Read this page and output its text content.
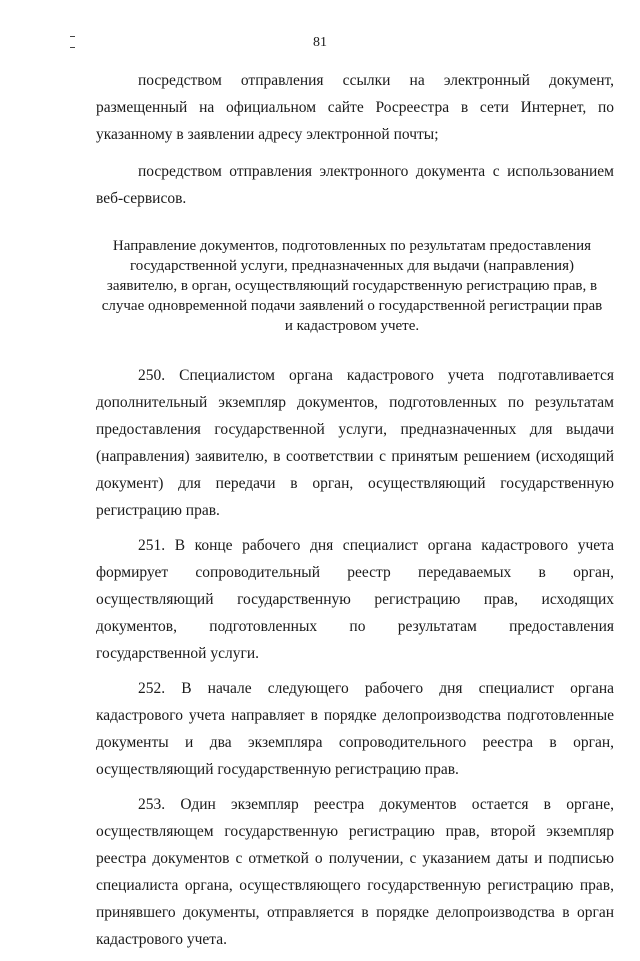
81

посредством отправления ссылки на электронный документ, размещенный на официальном сайте Росреестра в сети Интернет, по указанному в заявлении адресу электронной почты;

посредством отправления электронного документа с использованием веб-сервисов.

Направление документов, подготовленных по результатам предоставления государственной услуги, предназначенных для выдачи (направления) заявителю, в орган, осуществляющий государственную регистрацию прав, в случае одновременной подачи заявлений о государственной регистрации прав и кадастровом учете.

250. Специалистом органа кадастрового учета подготавливается дополнительный экземпляр документов, подготовленных по результатам предоставления государственной услуги, предназначенных для выдачи (направления) заявителю, в соответствии с принятым решением (исходящий документ) для передачи в орган, осуществляющий государственную регистрацию прав.

251. В конце рабочего дня специалист органа кадастрового учета формирует сопроводительный реестр передаваемых в орган, осуществляющий государственную регистрацию прав, исходящих документов, подготовленных по результатам предоставления государственной услуги.

252. В начале следующего рабочего дня специалист органа кадастрового учета направляет в порядке делопроизводства подготовленные документы и два экземпляра сопроводительного реестра в орган, осуществляющий государственную регистрацию прав.

253. Один экземпляр реестра документов остается в органе, осуществляющем государственную регистрацию прав, второй экземпляр реестра документов с отметкой о получении, с указанием даты и подписью специалиста органа, осуществляющего государственную регистрацию прав, принявшего документы, отправляется в порядке делопроизводства в орган кадастрового учета.
